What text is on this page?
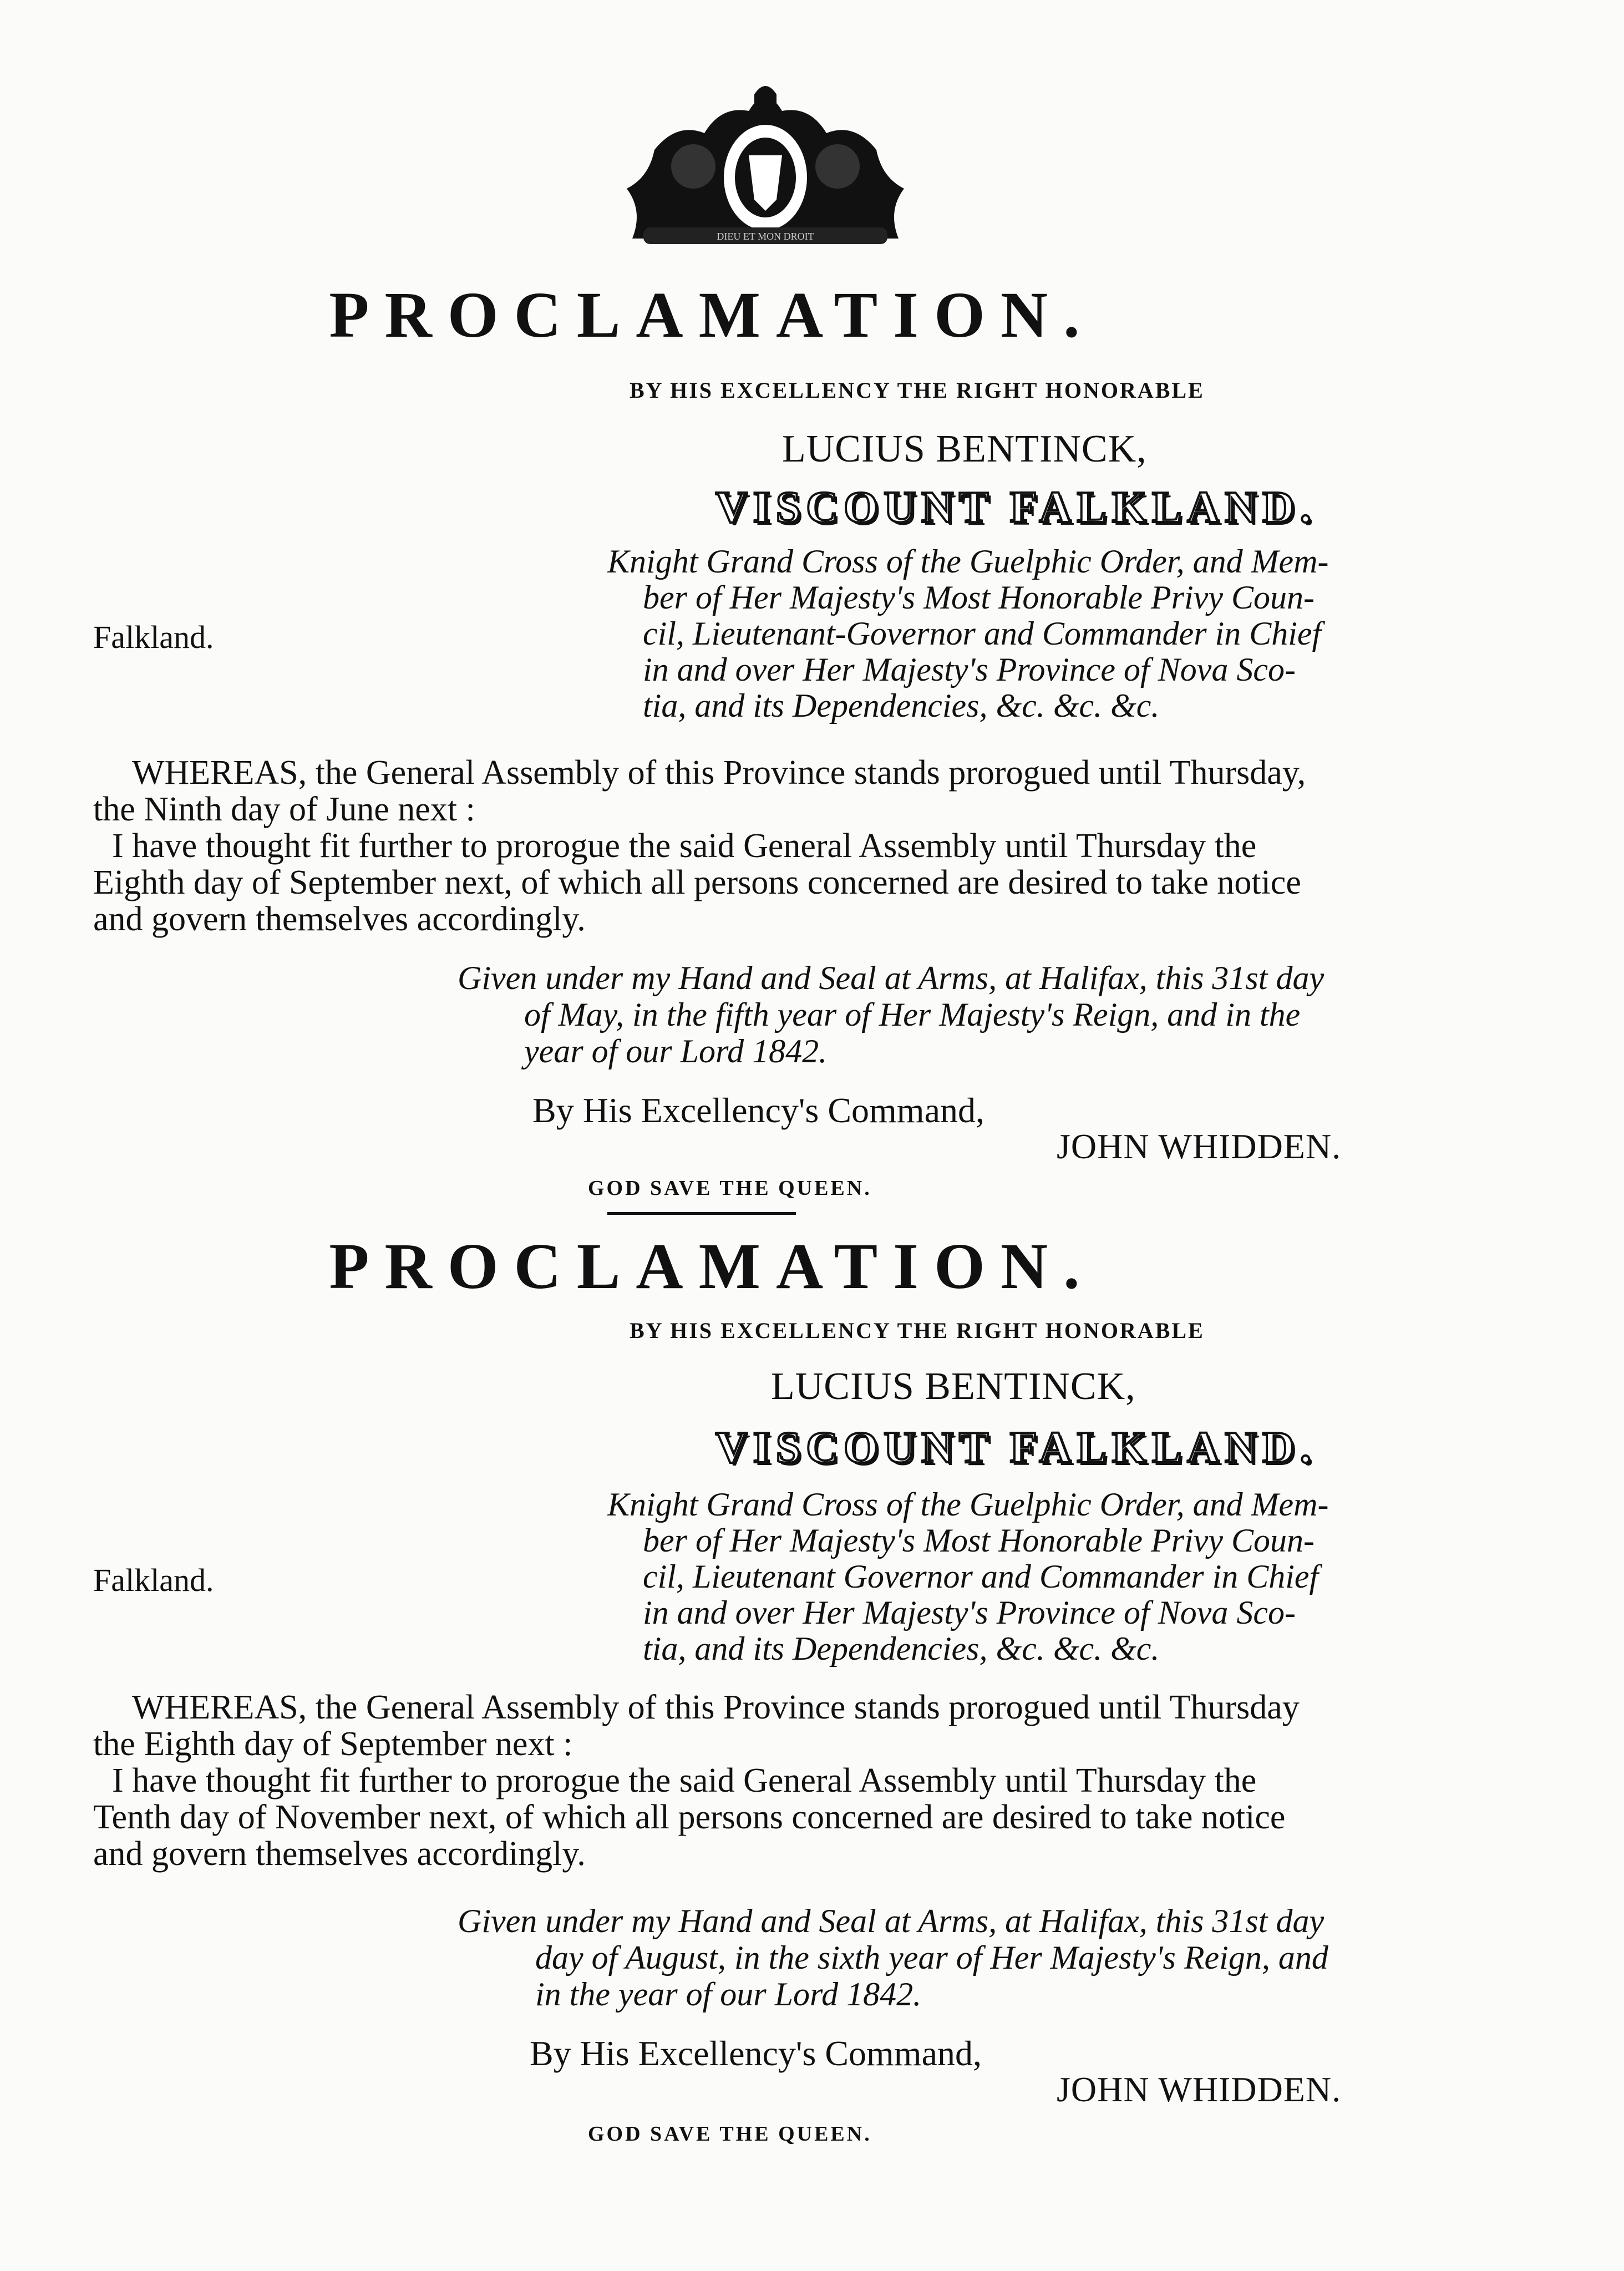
DIEU ET MON DROIT
PROCLAMATION.
BY HIS EXCELLENCY THE RIGHT HONORABLE
LUCIUS BENTINCK,
VISCOUNT FALKLAND.
Knight Grand Cross of the Guelphic Order, and Mem-
ber of Her Majesty's Most Honorable Privy Coun-
cil, Lieutenant-Governor and Commander in Chief
in and over Her Majesty's Province of Nova Sco-
tia, and its Dependencies, &c. &c. &c.
Falkland.
WHEREAS, the General Assembly of this Province stands prorogued until Thursday,
the Ninth day of June next :
I have thought fit further to prorogue the said General Assembly until Thursday the
Eighth day of September next, of which all persons concerned are desired to take notice
and govern themselves accordingly.
Given under my Hand and Seal at Arms, at Halifax, this 31st day
of May, in the fifth year of Her Majesty's Reign, and in the
year of our Lord 1842.
By His Excellency's Command,
JOHN WHIDDEN.
GOD SAVE THE QUEEN.
PROCLAMATION.
BY HIS EXCELLENCY THE RIGHT HONORABLE
LUCIUS BENTINCK,
VISCOUNT FALKLAND.
Knight Grand Cross of the Guelphic Order, and Mem-
ber of Her Majesty's Most Honorable Privy Coun-
cil, Lieutenant Governor and Commander in Chief
in and over Her Majesty's Province of Nova Sco-
tia, and its Dependencies, &c. &c. &c.
Falkland.
WHEREAS, the General Assembly of this Province stands prorogued until Thursday
the Eighth day of September next :
I have thought fit further to prorogue the said General Assembly until Thursday the
Tenth day of November next, of which all persons concerned are desired to take notice
and govern themselves accordingly.
Given under my Hand and Seal at Arms, at Halifax, this 31st day
day of August, in the sixth year of Her Majesty's Reign, and
in the year of our Lord 1842.
By His Excellency's Command,
JOHN WHIDDEN.
GOD SAVE THE QUEEN.
